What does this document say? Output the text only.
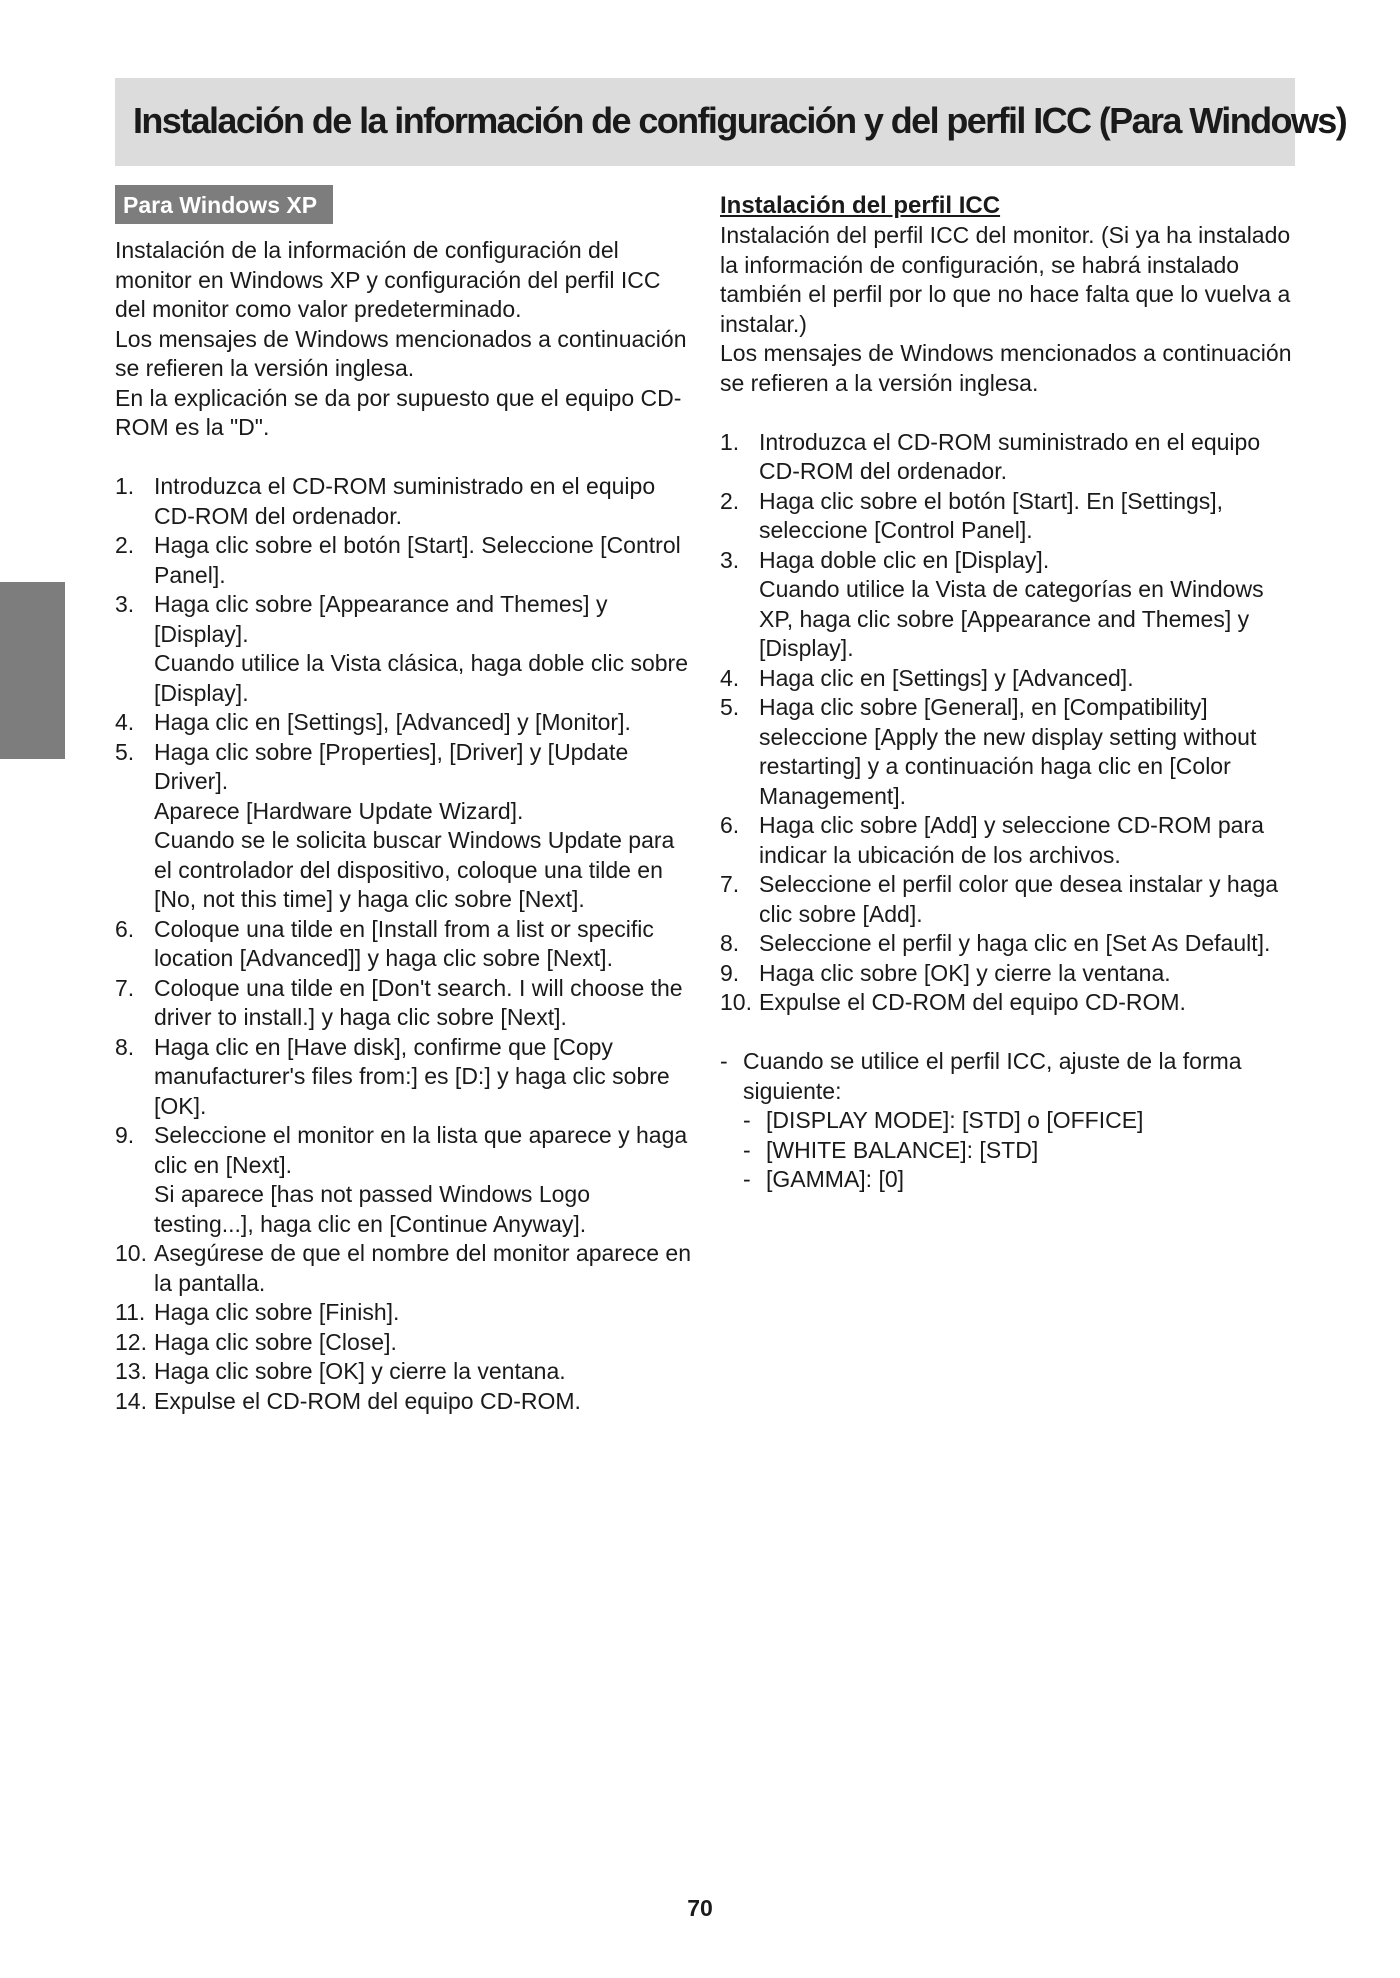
Instalación de la información de configuración y del perfil ICC (Para Windows)
Para Windows XP

Instalación de la información de configuración del monitor en Windows XP y configuración del perfil ICC del monitor como valor predeterminado.

Los mensajes de Windows mencionados a continuación se refieren la versión inglesa.

En la explicación se da por supuesto que el equipo CD-ROM es la "D".

1. Introduzca el CD-ROM suministrado en el equipo CD-ROM del ordenador.
2. Haga clic sobre el botón [Start]. Seleccione [Control Panel].
3. Haga clic sobre [Appearance and Themes] y [Display].
Cuando utilice la Vista clásica, haga doble clic sobre [Display].
4. Haga clic en [Settings], [Advanced] y [Monitor].
5. Haga clic sobre [Properties], [Driver] y [Update Driver].
Aparece [Hardware Update Wizard].
Cuando se le solicita buscar Windows Update para el controlador del dispositivo, coloque una tilde en [No, not this time] y haga clic sobre [Next].
6. Coloque una tilde en [Install from a list or specific location [Advanced]] y haga clic sobre [Next].
7. Coloque una tilde en [Don't search. I will choose the driver to install.] y haga clic sobre [Next].
8. Haga clic en [Have disk], confirme que [Copy manufacturer's files from:] es [D:] y haga clic sobre [OK].
9. Seleccione el monitor en la lista que aparece y haga clic en [Next].
Si aparece [has not passed Windows Logo testing...], haga clic en [Continue Anyway].
10. Asegúrese de que el nombre del monitor aparece en la pantalla.
11. Haga clic sobre [Finish].
12. Haga clic sobre [Close].
13. Haga clic sobre [OK] y cierre la ventana.
14. Expulse el CD-ROM del equipo CD-ROM.
Instalación del perfil ICC

Instalación del perfil ICC del monitor. (Si ya ha instalado la información de configuración, se habrá instalado también el perfil por lo que no hace falta que lo vuelva a instalar.)

Los mensajes de Windows mencionados a continuación se refieren a la versión inglesa.

1. Introduzca el CD-ROM suministrado en el equipo CD-ROM del ordenador.
2. Haga clic sobre el botón [Start]. En [Settings], seleccione [Control Panel].
3. Haga doble clic en [Display].
Cuando utilice la Vista de categorías en Windows XP, haga clic sobre [Appearance and Themes] y [Display].
4. Haga clic en [Settings] y [Advanced].
5. Haga clic sobre [General], en [Compatibility] seleccione [Apply the new display setting without restarting] y a continuación haga clic en [Color Management].
6. Haga clic sobre [Add] y seleccione CD-ROM para indicar la ubicación de los archivos.
7. Seleccione el perfil color que desea instalar y haga clic sobre [Add].
8. Seleccione el perfil y haga clic en [Set As Default].
9. Haga clic sobre [OK] y cierre la ventana.
10. Expulse el CD-ROM del equipo CD-ROM.
- Cuando se utilice el perfil ICC, ajuste de la forma siguiente:
- [DISPLAY MODE]: [STD] o [OFFICE]
- [WHITE BALANCE]: [STD]
- [GAMMA]: [0]
70
